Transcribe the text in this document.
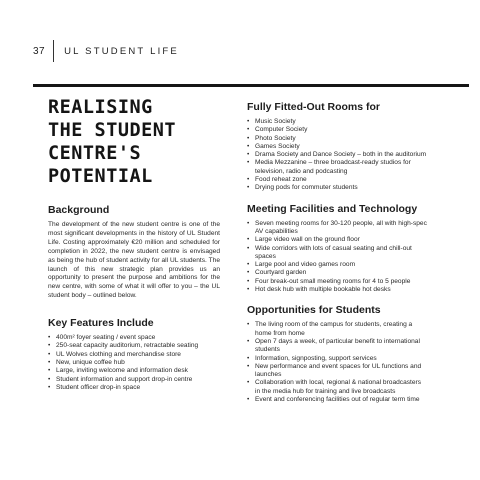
37 UL STUDENT LIFE
REALISING
THE STUDENT
CENTRE'S
POTENTIAL
Background

The development of the new student centre is one of the most significant developments in the history of UL Student Life. Costing approximately €20 million and scheduled for completion in 2022, the new student centre is envisaged as being the hub of student activity for all UL students. The launch of this new strategic plan provides us an opportunity to present the purpose and ambitions for the new centre, with some of what it will offer to you – the UL student body – outlined below.

Key Features Include
• 400m² foyer seating / event space
• 250-seat capacity auditorium, retractable seating
• UL Wolves clothing and merchandise store
• New, unique coffee hub
• Large, inviting welcome and information desk
• Student information and support drop-in centre
• Student officer drop-in space
Fully Fitted-Out Rooms for
• Music Society
• Computer Society
• Photo Society
• Games Society
• Drama Society and Dance Society – both in the auditorium
• Media Mezzanine – three broadcast-ready studios for television, radio and podcasting
• Food reheat zone
• Drying pods for commuter students
Meeting Facilities and Technology
• Seven meeting rooms for 30-120 people, all with high-spec AV capabilities
• Large video wall on the ground floor
• Wide corridors with lots of casual seating and chill-out spaces
• Large pool and video games room
• Courtyard garden
• Four break-out small meeting rooms for 4 to 5 people
• Hot desk hub with multiple bookable hot desks
Opportunities for Students
• The living room of the campus for students, creating a home from home
• Open 7 days a week, of particular benefit to international students
• Information, signposting, support services
• New performance and event spaces for UL functions and launches
• Collaboration with local, regional & national broadcasters in the media hub for training and live broadcasts
• Event and conferencing facilities out of regular term time
